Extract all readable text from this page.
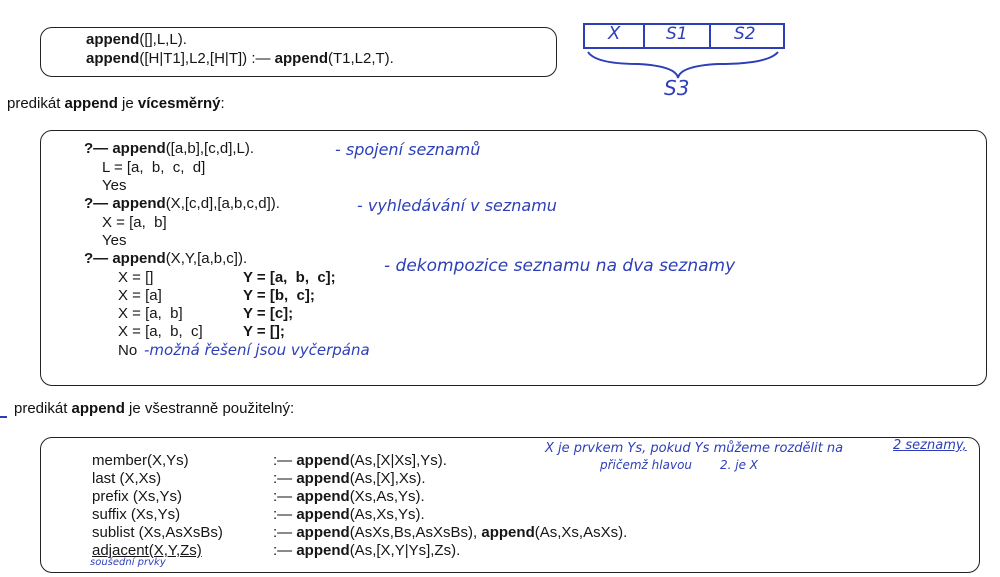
append([],L,L).
append([H|T1],L2,[H|T]) :— append(T1,L2,T).
X	S1	S2
S3
predikát append je vícesměrný:
?— append([a,b],[c,d],L).
L = [a,  b,  c,  d]
Yes
- spojení seznamů
?— append(X,[c,d],[a,b,c,d]).
X = [a,  b]
Yes
- vyhledávání v seznamu
?— append(X,Y,[a,b,c]).	- dekompozice seznamu na dva seznamy
X = []	Y = [a,  b,  c];
X = [a]	Y = [b,  c];
X = [a,  b]	Y = [c];
X = [a,  b,  c]	Y = [];
No -možná řešení jsou vyčerpána
predikát append je všestranně použitelný:
member(X,Ys)	:— append(As,[X|Xs],Ys).
last (X,Xs)	:— append(As,[X],Xs).
prefix (Xs,Ys)	:— append(Xs,As,Ys).
suffix (Xs,Ys)	:— append(As,Xs,Ys).
sublist (Xs,AsXsBs)	:— append(AsXs,Bs,AsXsBs), append(As,Xs,AsXs).
adjacent(X,Y,Zs)	:— append(As,[X,Y|Ys],Zs).
X je prvkem Ys, pokud Ys můžeme rozdělit na	2 seznamy,
přičemž hlavou 2. je X
soušední prvky
